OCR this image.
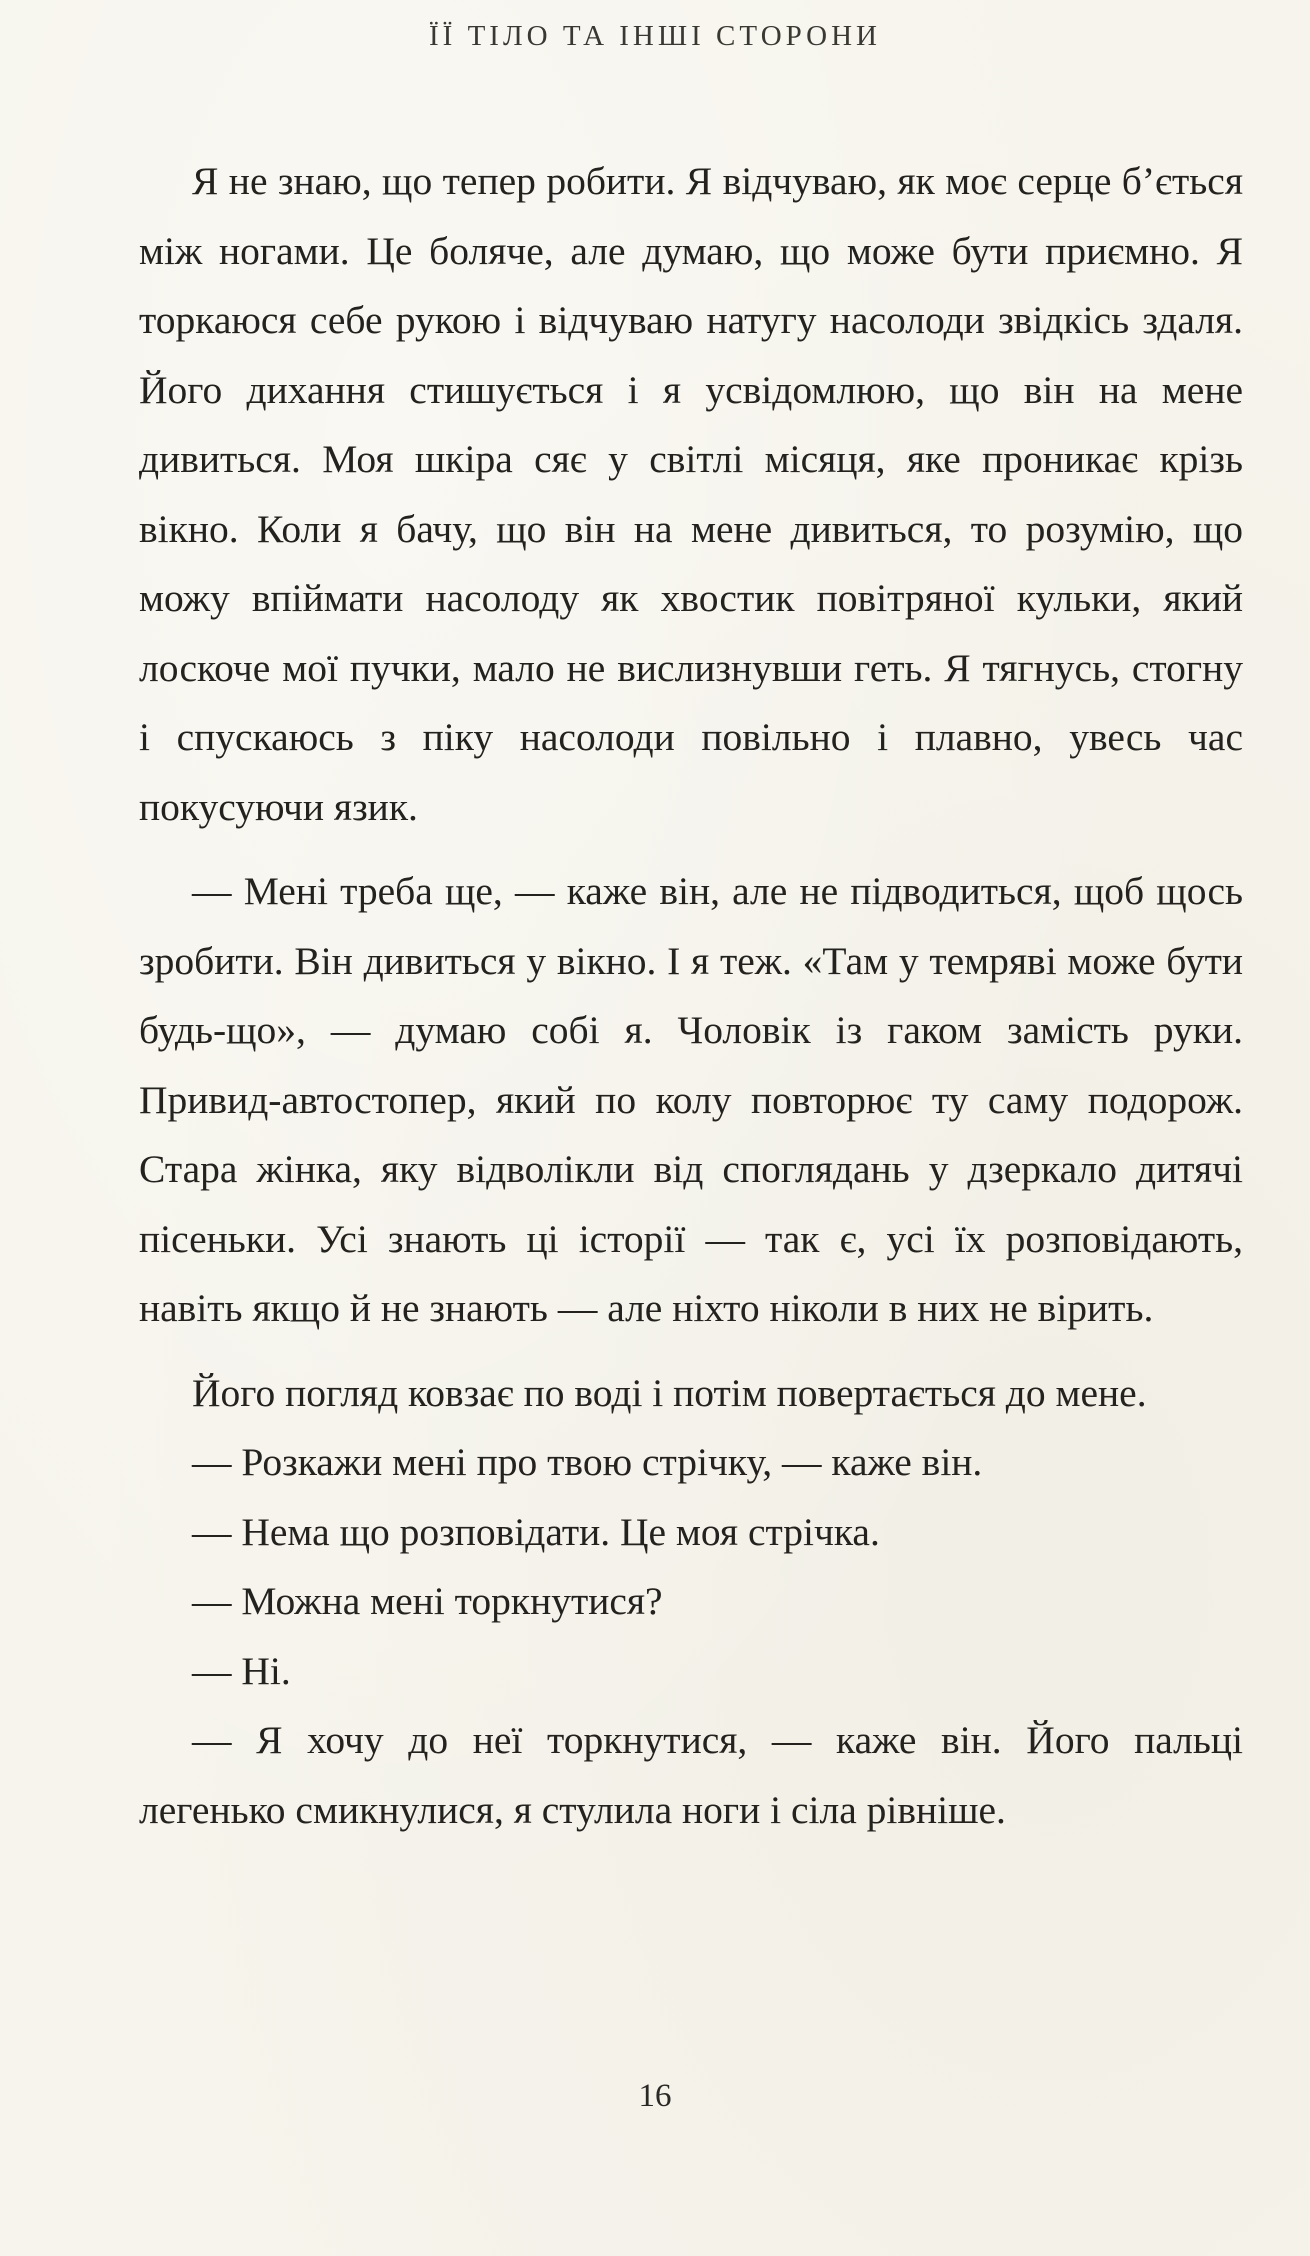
ЇЇ ТІЛО ТА ІНШІ СТОРОНИ

Я не знаю, що тепер робити. Я відчуваю, як моє серце б’ється між ногами. Це боляче, але думаю, що може бути приємно. Я торкаюся себе рукою і відчуваю натугу насолоди звідкісь здаля. Його дихання стишується і я усвідомлюю, що він на мене дивиться. Моя шкіра сяє у світлі місяця, яке проникає крізь вікно. Коли я бачу, що він на мене дивиться, то розумію, що можу впіймати насолоду як хвостик повітряної кульки, який лоскоче мої пучки, мало не вислизнувши геть. Я тягнусь, стогну і спускаюсь з піку насолоди повільно і плавно, увесь час покусуючи язик.

— Мені треба ще, — каже він, але не підводиться, щоб щось зробити. Він дивиться у вікно. І я теж. «Там у темряві може бути будь-що», — думаю собі я. Чоловік із гаком замість руки. Привид-автостопер, який по колу повторює ту саму подорож. Стара жінка, яку відволікли від споглядань у дзеркало дитячі пісеньки. Усі знають ці історії — так є, усі їх розповідають, навіть якщо й не знають — але ніхто ніколи в них не вірить.

Його погляд ковзає по воді і потім повертається до мене.

— Розкажи мені про твою стрічку, — каже він.

— Нема що розповідати. Це моя стрічка.

— Можна мені торкнутися?

— Ні.

— Я хочу до неї торкнутися, — каже він. Його пальці легенько смикнулися, я стулила ноги і сіла рівніше.

16
